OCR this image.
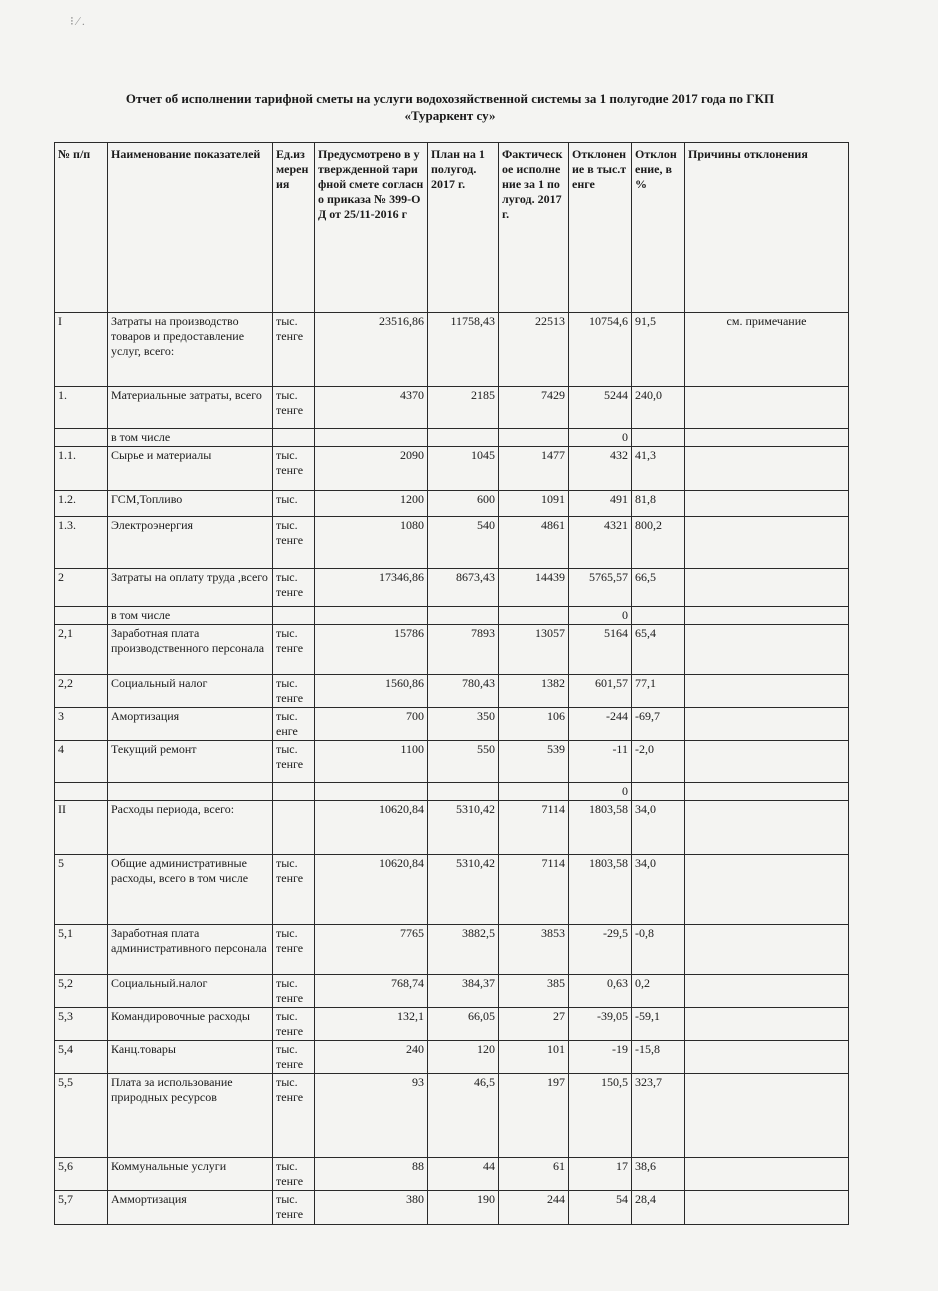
⁝ ∕ .
Отчет об исполнении тарифной сметы на услуги водохозяйственной системы за 1 полугодие 2017 года по ГКП
«Тураркент су»
№ п/п	Наименование показателей	Ед.измерения	Предусмотрено в утвержденной тарифной смете согласно приказа № 399-ОД от 25/11-2016 г	План на 1 полугод. 2017 г.	Фактическое исполнение за 1 полугод. 2017г.	Отклонение в тыс.тенге	Отклонение, в %	Причины отклонения
I	Затраты на производство товаров и предоставление услуг, всего:	тыс. тенге	23516,86	11758,43	22513	10754,6	91,5	см. примечание
1.	Материальные затраты, всего	тыс. тенге	4370	2185	7429	5244	240,0	
	в том числе					0		
1.1.	Сырье и материалы	тыс. тенге	2090	1045	1477	432	41,3	
1.2.	ГСМ,Топливо	тыс.	1200	600	1091	491	81,8	
1.3.	Электроэнергия	тыс. тенге	1080	540	4861	4321	800,2	
2	Затраты на оплату труда ,всего	тыс. тенге	17346,86	8673,43	14439	5765,57	66,5	
	в том числе					0		
2,1	Заработная плата производственного персонала	тыс. тенге	15786	7893	13057	5164	65,4	
2,2	Социальный налог	тыс. тенге	1560,86	780,43	1382	601,57	77,1	
3	Амортизация	тыс. енге	700	350	106	-244	-69,7	
4	Текущий ремонт	тыс. тенге	1100	550	539	-11	-2,0	
						0		
II	Расходы периода, всего:		10620,84	5310,42	7114	1803,58	34,0	
5	Общие административные расходы, всего в том числе	тыс. тенге	10620,84	5310,42	7114	1803,58	34,0	
5,1	Заработная плата административного персонала	тыс. тенге	7765	3882,5	3853	-29,5	-0,8	
5,2	Социальный.налог	тыс. тенге	768,74	384,37	385	0,63	0,2	
5,3	Командировочные расходы	тыс. тенге	132,1	66,05	27	-39,05	-59,1	
5,4	Канц.товары	тыс. тенге	240	120	101	-19	-15,8	
5,5	Плата за использование природных ресурсов	тыс. тенге	93	46,5	197	150,5	323,7	
5,6	Коммунальные услуги	тыс. тенге	88	44	61	17	38,6	
5,7	Аммортизация	тыс. тенге	380	190	244	54	28,4	
